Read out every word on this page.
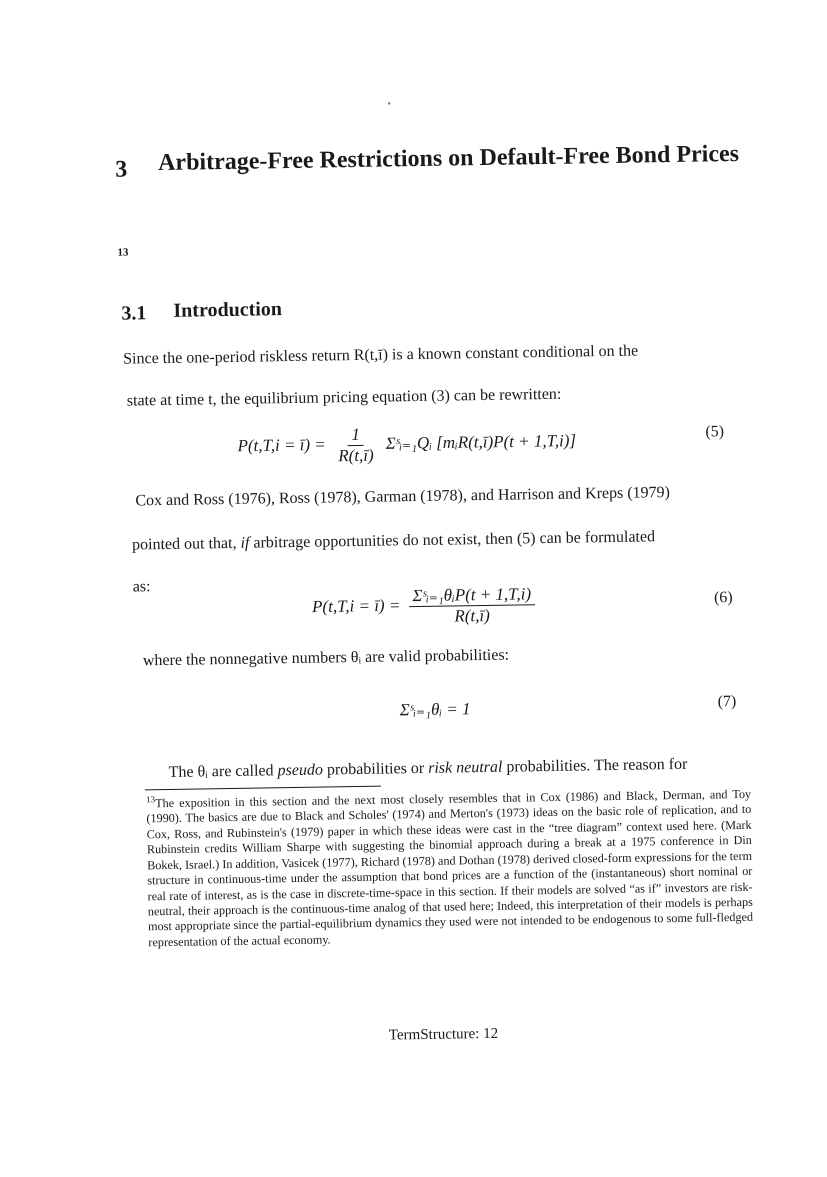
3 Arbitrage-Free Restrictions on Default-Free Bond Prices
13
3.1 Introduction
Since the one-period riskless return R(t,ī) is a known constant conditional on the
state at time t, the equilibrium pricing equation (3) can be rewritten:
P(t,T,i = ī) = $\frac{1}{R(t,ī)}$ Σˢᵢ₌₁Qᵢ [mᵢR(t,ī)P(t + 1,T,i)]	(5)
Cox and Ross (1976), Ross (1978), Garman (1978), and Harrison and Kreps (1979)
pointed out that, if arbitrage opportunities do not exist, then (5) can be formulated
as:
P(t,T,i = ī) = $\frac{\text{Σˢᵢ₌₁θᵢP(t + 1,T,i)}}{R(t,ī)}$	(6)
where the nonnegative numbers θᵢ are valid probabilities:
Σˢᵢ₌₁θᵢ = 1	(7)
The θᵢ are called pseudo probabilities or risk neutral probabilities. The reason for
$^{13}$The exposition in this section and the next most closely resembles that in Cox (1986) and Black, Derman, and Toy (1990). The basics are due to Black and Scholes' (1974) and Merton's (1973) ideas on the basic role of replication, and to Cox, Ross, and Rubinstein's (1979) paper in which these ideas were cast in the “tree diagram” context used here. (Mark Rubinstein credits William Sharpe with suggesting the binomial approach during a break at a 1975 conference in Din Bokek, Israel.) In addition, Vasicek (1977), Richard (1978) and Dothan (1978) derived closed-form expressions for the term structure in continuous-time under the assumption that bond prices are a function of the (instantaneous) short nominal or real rate of interest, as is the case in discrete-time-space in this section. If their models are solved “as if” investors are risk-neutral, their approach is the continuous-time analog of that used here; Indeed, this interpretation of their models is perhaps most appropriate since the partial-equilibrium dynamics they used were not intended to be endogenous to some full-fledged representation of the actual economy.
TermStructure: 12
